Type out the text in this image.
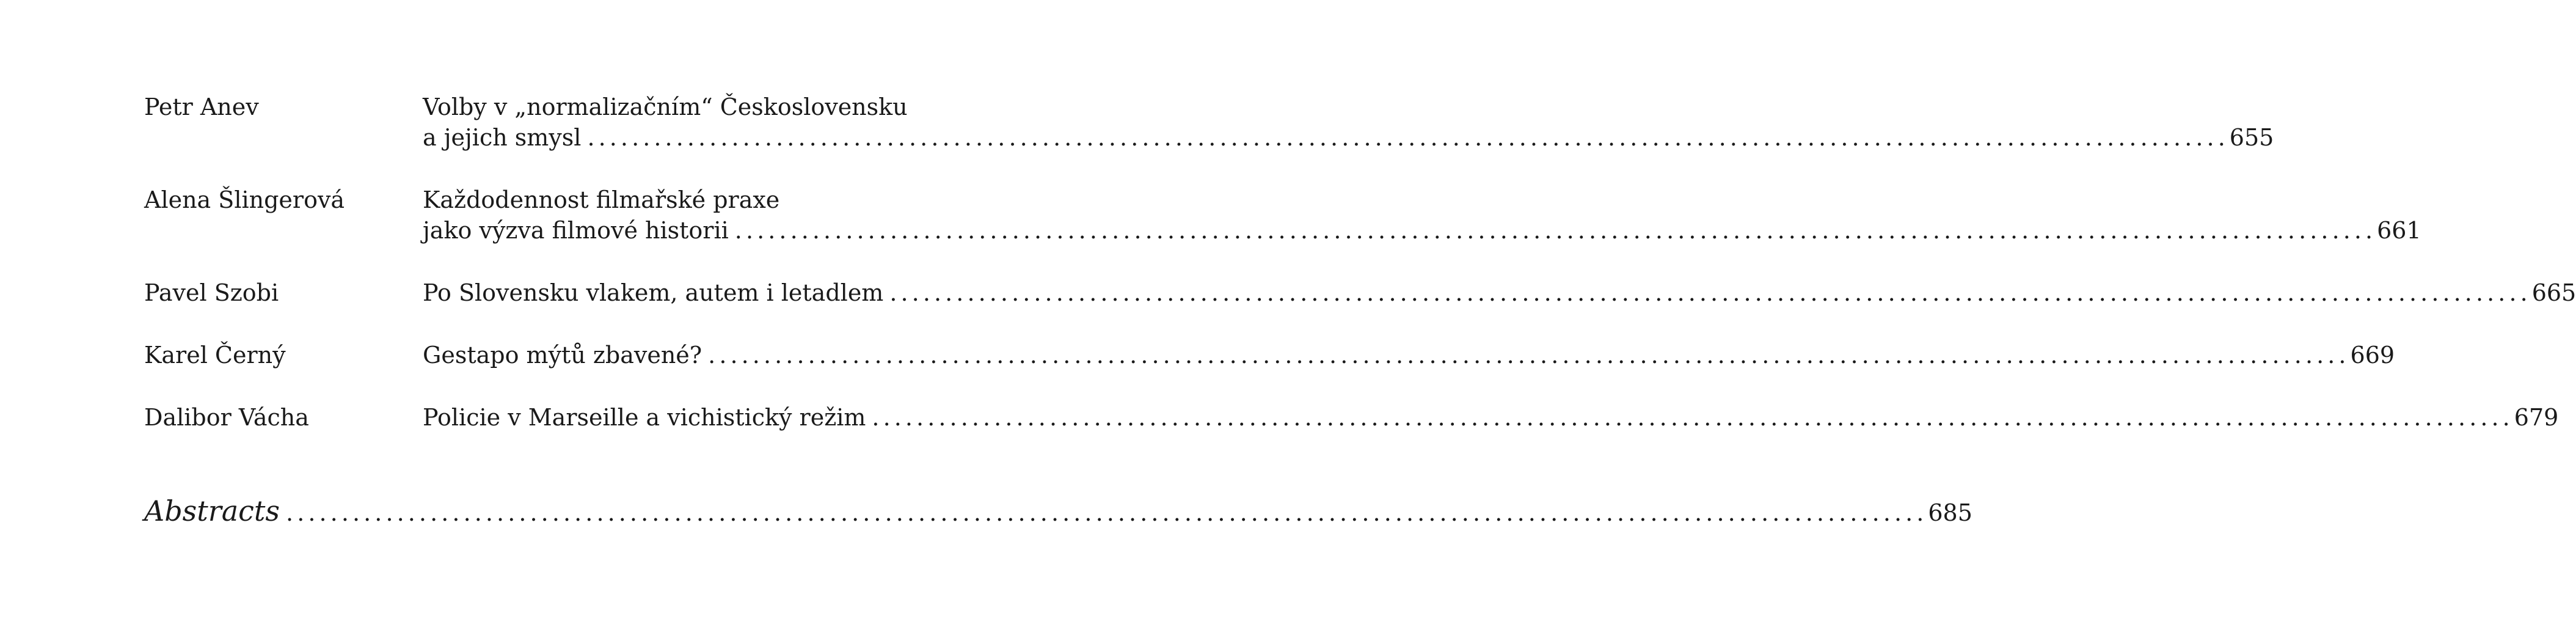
Petr Anev	Volby v „normalizačním“ Československu
a jejich smysl . . .	655
Alena Šlingerová	Každodennost filmařské praxe
jako výzva filmové historii . . .	661
Pavel Szobi	Po Slovensku vlakem, autem i letadlem . . .	665
Karel Černý	Gestapo mýtů zbavené? . . .	669
Dalibor Vácha	Policie v Marseille a vichistický režim . . .	679
Abstracts . . .	685
